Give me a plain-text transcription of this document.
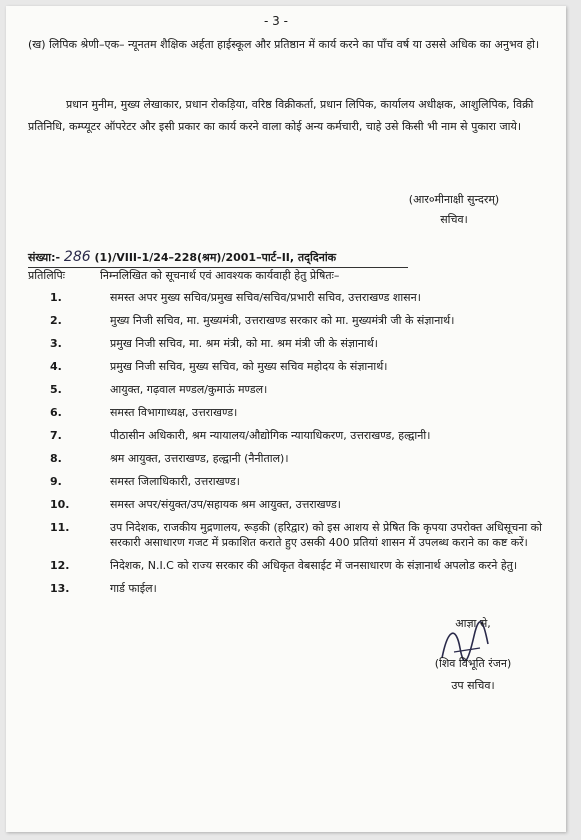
- 3 -

(ख) लिपिक श्रेणी–एक– न्यूनतम शैक्षिक अर्हता हाईस्कूल और प्रतिष्ठान में कार्य करने का पाँच वर्ष या उससे अधिक का अनुभव हो।

प्रधान मुनीम, मुख्य लेखाकार, प्रधान रोकड़िया, वरिष्ठ विक्रीकर्ता, प्रधान लिपिक, कार्यालय अधीक्षक, आशुलिपिक, विक्री प्रतिनिधि, कम्प्यूटर ऑपरेटर और इसी प्रकार का कार्य करने वाला कोई अन्य कर्मचारी, चाहे उसे किसी भी नाम से पुकारा जाये।

(आर०मीनाक्षी सुन्दरम्)
सचिव।
संख्या:- 286 (1)/VIII-1/24–228(श्रम)/2001–पार्ट–II, तद्‌दिनांक
प्रतिलिपिः	निम्नलिखित को सूचनार्थ एवं आवश्यक कार्यवाही हेतु प्रेषितः–
1.	समस्त अपर मुख्य सचिव/प्रमुख सचिव/सचिव/प्रभारी सचिव, उत्तराखण्ड शासन।
2.	मुख्य निजी सचिव, मा. मुख्यमंत्री, उत्तराखण्ड सरकार को मा. मुख्यमंत्री जी के संज्ञानार्थ।
3.	प्रमुख निजी सचिव, मा. श्रम मंत्री, को मा. श्रम मंत्री जी के संज्ञानार्थ।
4.	प्रमुख निजी सचिव, मुख्य सचिव, को मुख्य सचिव महोदय के संज्ञानार्थ।
5.	आयुक्त, गढ़वाल मण्डल/कुमाऊं मण्डल।
6.	समस्त विभागाध्यक्ष, उत्तराखण्ड।
7.	पीठासीन अधिकारी, श्रम न्यायालय/औद्योगिक न्यायाधिकरण, उत्तराखण्ड, हल्द्वानी।
8.	श्रम आयुक्त, उत्तराखण्ड, हल्द्वानी (नैनीताल)।
9.	समस्त जिलाधिकारी, उत्तराखण्ड।
10.	समस्त अपर/संयुक्त/उप/सहायक श्रम आयुक्त, उत्तराखण्ड।
11.	उप निदेशक, राजकीय मुद्रणालय, रूड़की (हरिद्वार) को इस आशय से प्रेषित कि कृपया उपरोक्त अधिसूचना को सरकारी असाधारण गजट में प्रकाशित कराते हुए उसकी 400 प्रतियां शासन में उपलब्ध कराने का कष्ट करें।
12.	निदेशक, N.I.C को राज्य सरकार की अधिकृत वेबसाईट में जनसाधारण के संज्ञानार्थ अपलोड करने हेतु।
13.	गार्ड फाईल।
आज्ञा से,
(शिव विभूति रंजन)
उप सचिव।
